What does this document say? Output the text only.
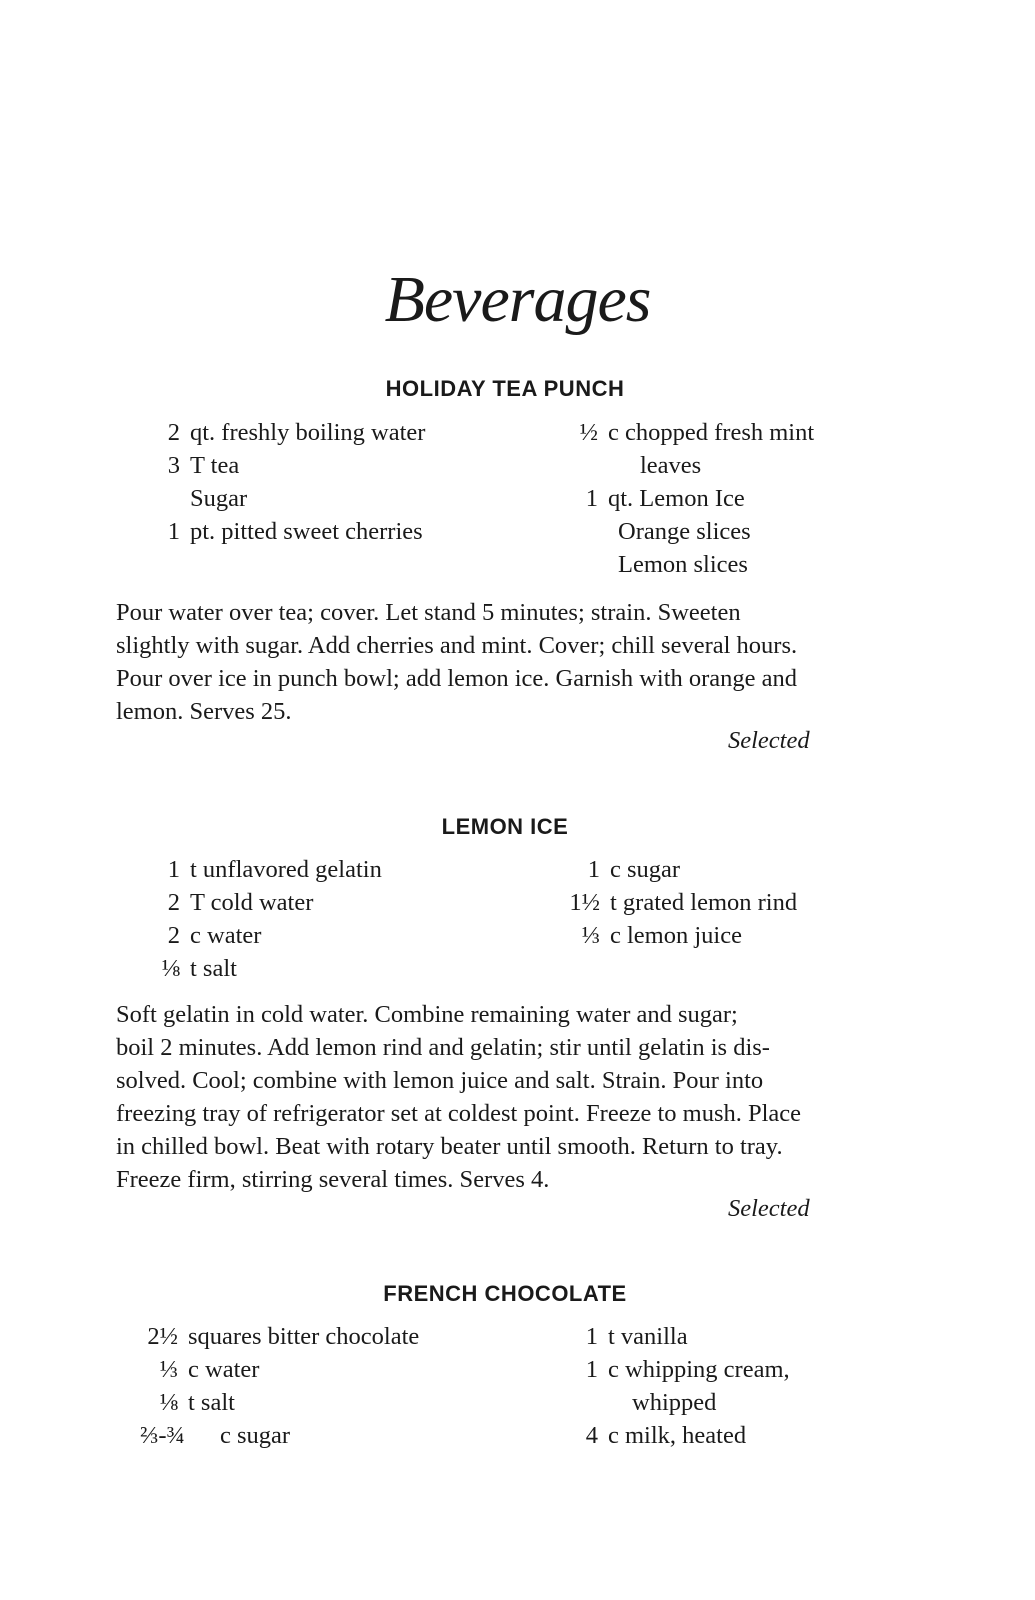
Beverages
HOLIDAY TEA PUNCH
2 qt. freshly boiling water
3 T tea
Sugar
1 pt. pitted sweet cherries
½ c chopped fresh mint
leaves
1 qt. Lemon Ice
Orange slices
Lemon slices
Pour water over tea; cover. Let stand 5 minutes; strain. Sweeten
slightly with sugar. Add cherries and mint. Cover; chill several hours.
Pour over ice in punch bowl; add lemon ice. Garnish with orange and
lemon. Serves 25.
Selected
LEMON ICE
1 t unflavored gelatin
2 T cold water
2 c water
⅛ t salt
1 c sugar
1½ t grated lemon rind
⅓ c lemon juice
Soft gelatin in cold water. Combine remaining water and sugar;
boil 2 minutes. Add lemon rind and gelatin; stir until gelatin is dis-
solved. Cool; combine with lemon juice and salt. Strain. Pour into
freezing tray of refrigerator set at coldest point. Freeze to mush. Place
in chilled bowl. Beat with rotary beater until smooth. Return to tray.
Freeze firm, stirring several times. Serves 4.
Selected
FRENCH CHOCOLATE
2½ squares bitter chocolate
⅓ c water
⅛ t salt
⅔-¾	c sugar
1 t vanilla
1 c whipping cream,
whipped
4 c milk, heated
